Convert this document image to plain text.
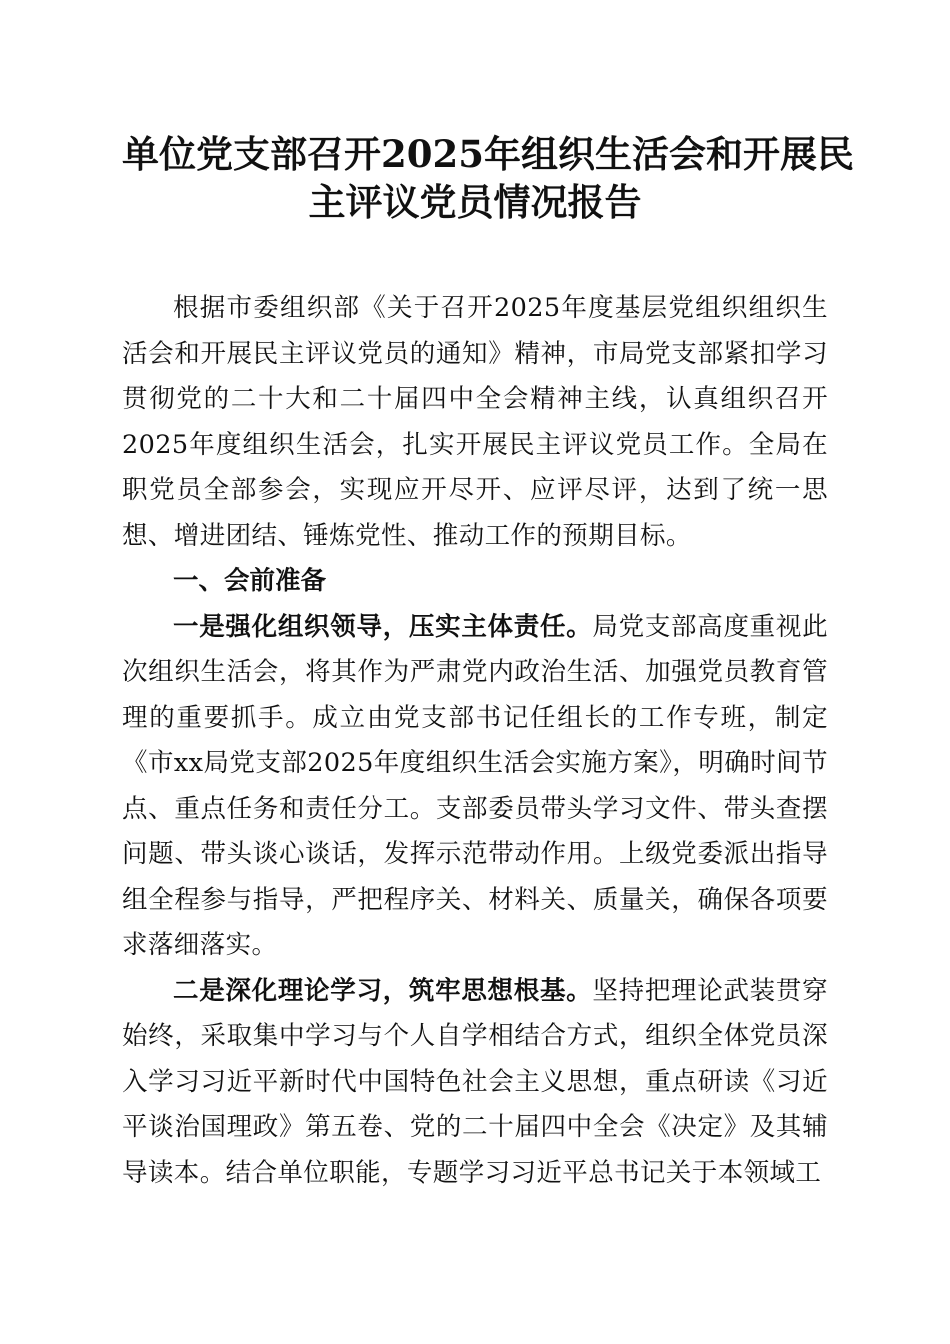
单位党支部召开2025年组织生活会和开展民
主评议党员情况报告

根据市委组织部《关于召开2025年度基层党组织组织生活会和开展民主评议党员的通知》精神，市局党支部紧扣学习贯彻党的二十大和二十届四中全会精神主线，认真组织召开2025年度组织生活会，扎实开展民主评议党员工作。全局在职党员全部参会，实现应开尽开、应评尽评，达到了统一思想、增进团结、锤炼党性、推动工作的预期目标。

一、会前准备

一是强化组织领导，压实主体责任。局党支部高度重视此次组织生活会，将其作为严肃党内政治生活、加强党员教育管理的重要抓手。成立由党支部书记任组长的工作专班，制定《市xx局党支部2025年度组织生活会实施方案》，明确时间节点、重点任务和责任分工。支部委员带头学习文件、带头查摆问题、带头谈心谈话，发挥示范带动作用。上级党委派出指导组全程参与指导，严把程序关、材料关、质量关，确保各项要求落细落实。

二是深化理论学习，筑牢思想根基。坚持把理论武装贯穿始终，采取集中学习与个人自学相结合方式，组织全体党员深入学习习近平新时代中国特色社会主义思想，重点研读《习近平谈治国理政》第五卷、党的二十届四中全会《决定》及其辅导读本。结合单位职能，专题学习习近平总书记关于本领域工
